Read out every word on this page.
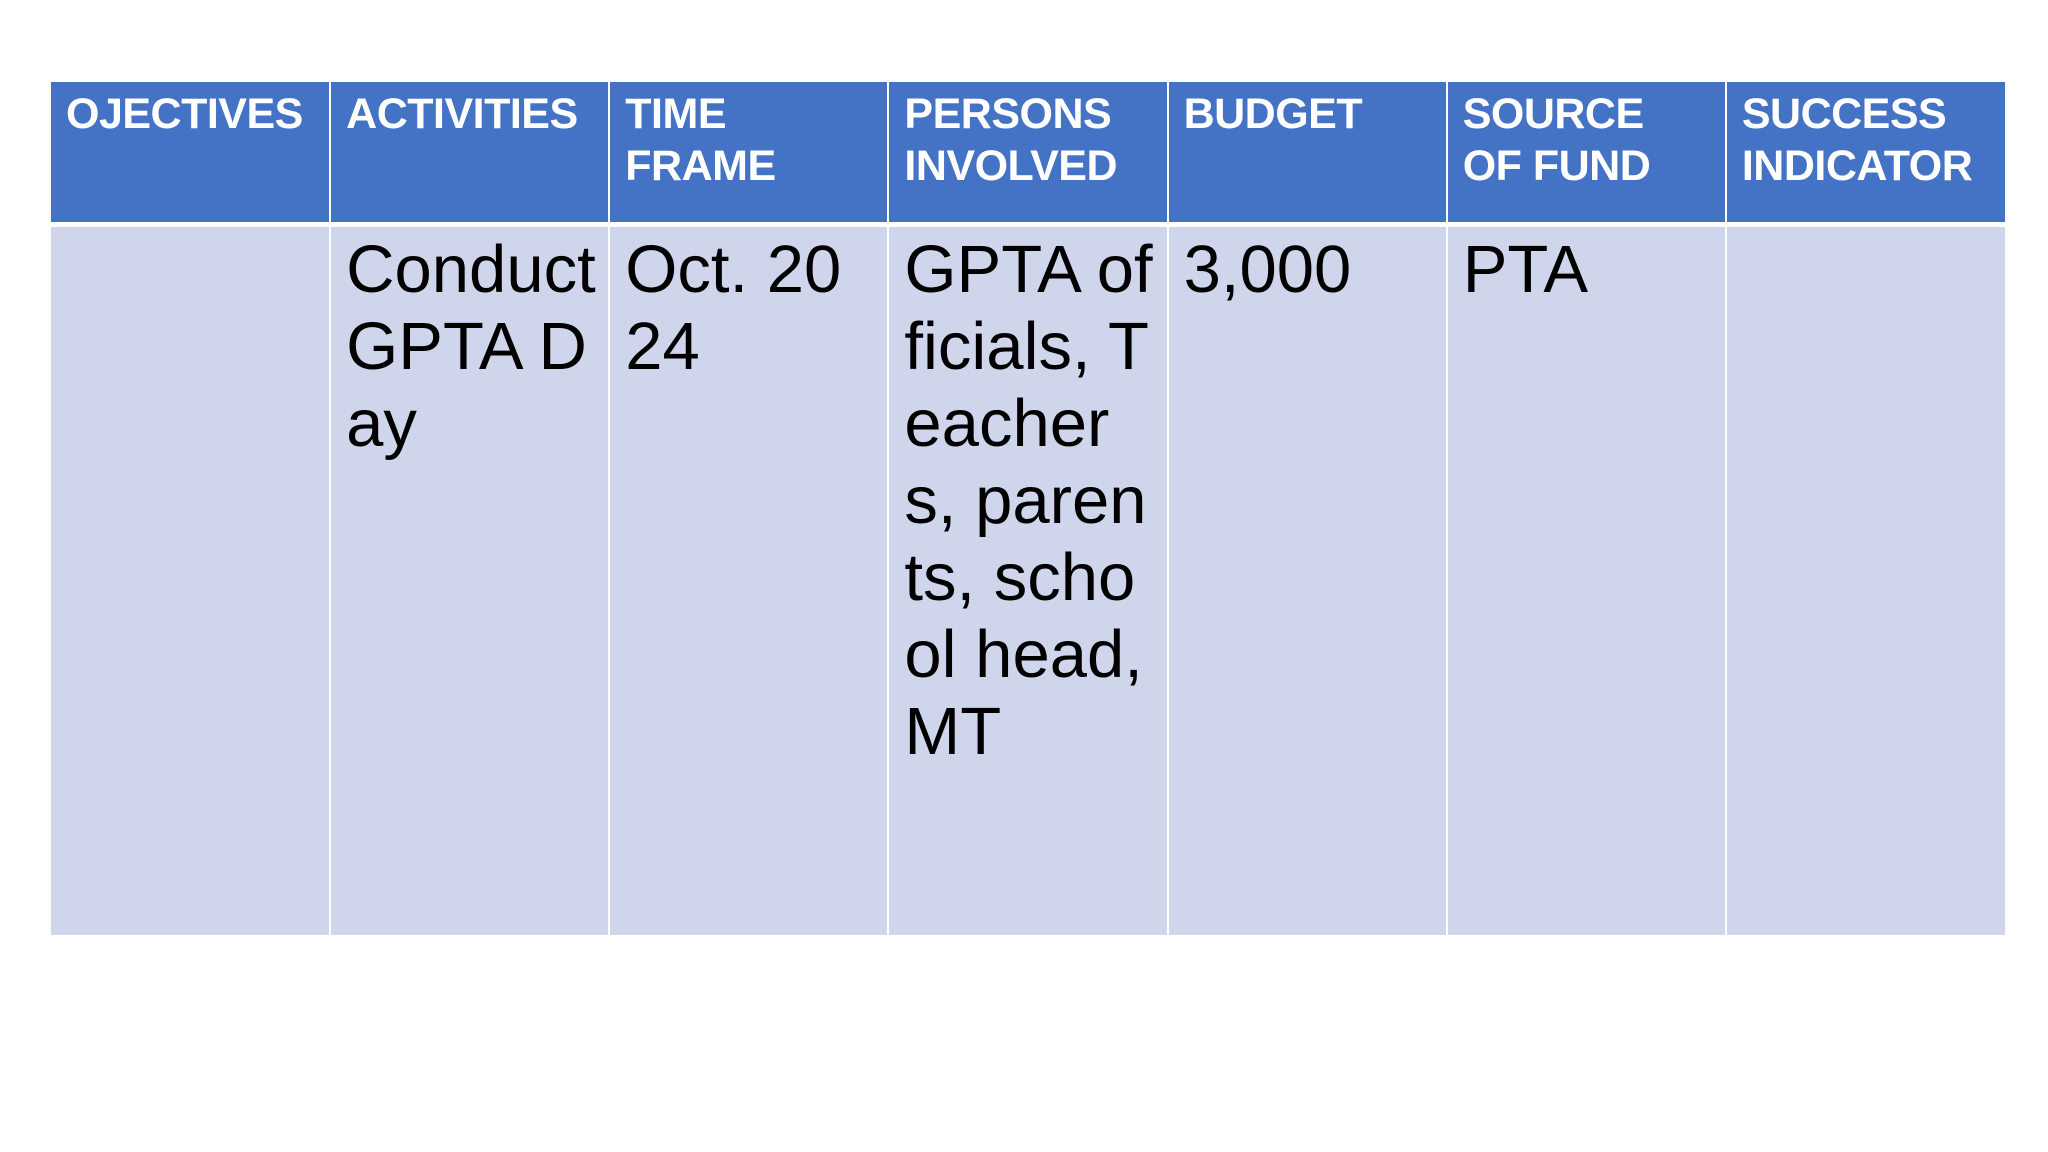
OJECTIVES	ACTIVITIES	TIME FRAME	PERSONS INVOLVED	BUDGET	SOURCE OF FUND	SUCCESS INDICATOR
	Conduct GPTA Day	Oct. 2024	GPTA officials, Teachers, parents, school head, MT	3,000	PTA	
